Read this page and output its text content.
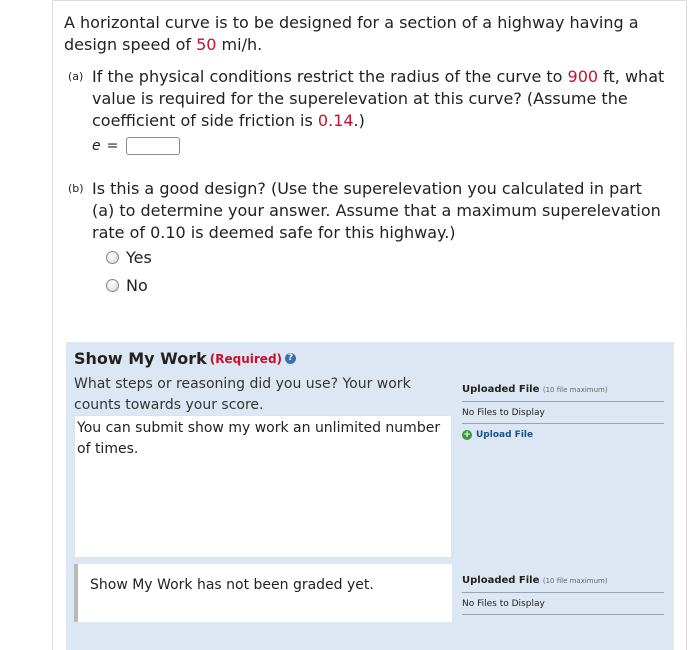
A horizontal curve is to be designed for a section of a highway having a design speed of 50 mi/h.

(a) If the physical conditions restrict the radius of the curve to 900 ft, what value is required for the superelevation at this curve? (Assume the coefficient of side friction is 0.14.)
e =
(b) Is this a good design? (Use the superelevation you calculated in part (a) to determine your answer. Assume that a maximum superelevation rate of 0.10 is deemed safe for this highway.)
Yes
No
Show My Work (Required) ?
What steps or reasoning did you use? Your work counts towards your score.
You can submit show my work an unlimited number of times.
Uploaded File (10 file maximum)
No Files to Display
+ Upload File
Show My Work has not been graded yet.	Uploaded File (10 file maximum)
No Files to Display
